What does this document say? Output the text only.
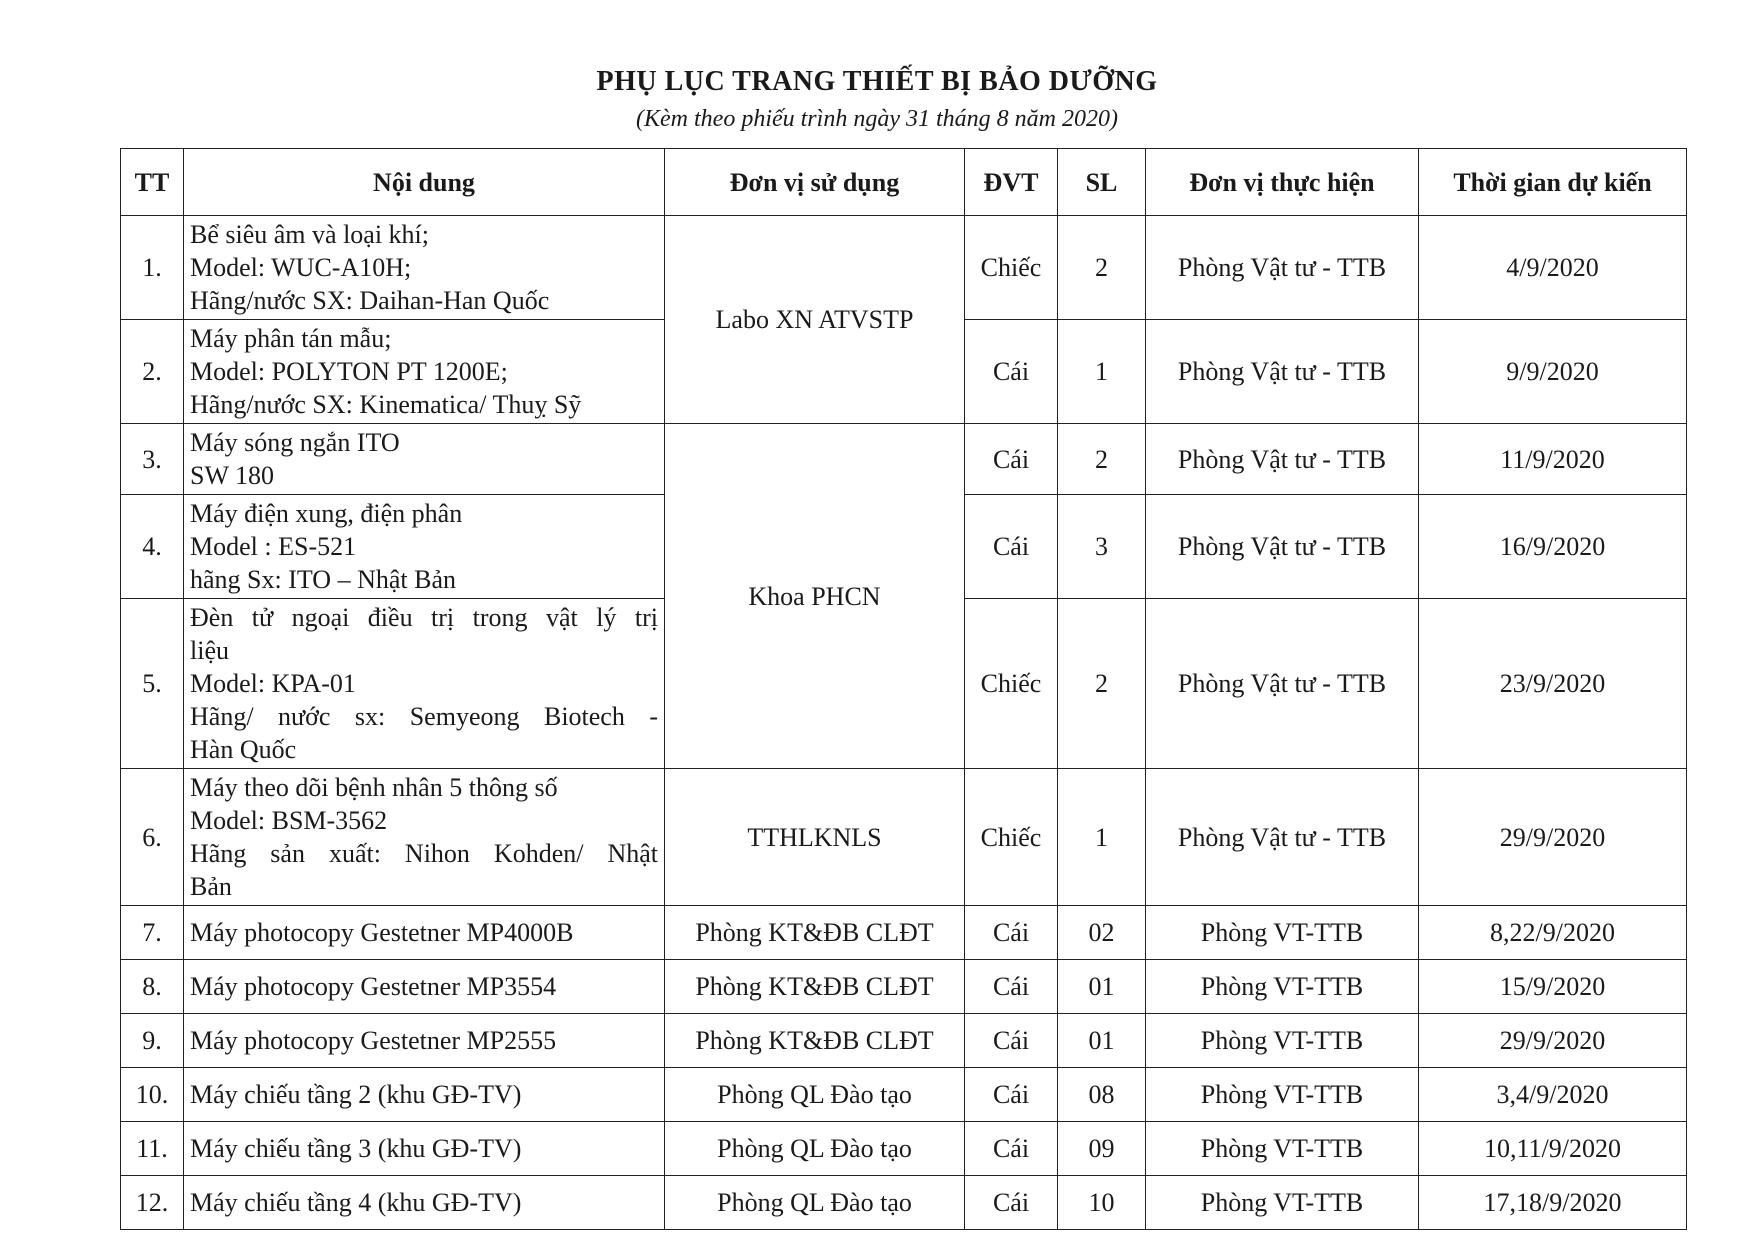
PHỤ LỤC TRANG THIẾT BỊ BẢO DƯỠNG
(Kèm theo phiếu trình ngày 31 tháng 8 năm 2020)
TT	Nội dung	Đơn vị sử dụng	ĐVT	SL	Đơn vị thực hiện	Thời gian dự kiến
1.	Bể siêu âm và loại khí;
Model: WUC-A10H;
Hãng/nước SX: Daihan-Han Quốc	Labo XN ATVSTP	Chiếc	2	Phòng Vật tư - TTB	4/9/2020
2.	Máy phân tán mẫu;
Model: POLYTON PT 1200E;
Hãng/nước SX: Kinematica/ Thuỵ Sỹ		Cái	1	Phòng Vật tư - TTB	9/9/2020
3.	Máy sóng ngắn ITO
SW 180	Khoa PHCN	Cái	2	Phòng Vật tư - TTB	11/9/2020
4.	Máy điện xung, điện phân
Model : ES-521
hãng Sx: ITO – Nhật Bản		Cái	3	Phòng Vật tư - TTB	16/9/2020
5.	Đèn tử ngoại điều trị trong vật lý trị
liệu
Model: KPA-01
Hãng/ nước sx: Semyeong Biotech -
Hàn Quốc		Chiếc	2	Phòng Vật tư - TTB	23/9/2020
6.	Máy theo dõi bệnh nhân 5 thông số
Model: BSM-3562
Hãng sản xuất: Nihon Kohden/ Nhật
Bản	TTHLKNLS	Chiếc	1	Phòng Vật tư - TTB	29/9/2020
7.	Máy photocopy Gestetner MP4000B	Phòng KT&ĐB CLĐT	Cái	02	Phòng VT-TTB	8,22/9/2020
8.	Máy photocopy Gestetner MP3554	Phòng KT&ĐB CLĐT	Cái	01	Phòng VT-TTB	15/9/2020
9.	Máy photocopy Gestetner MP2555	Phòng KT&ĐB CLĐT	Cái	01	Phòng VT-TTB	29/9/2020
10.	Máy chiếu tầng 2 (khu GĐ-TV)	Phòng QL Đào tạo	Cái	08	Phòng VT-TTB	3,4/9/2020
11.	Máy chiếu tầng 3 (khu GĐ-TV)	Phòng QL Đào tạo	Cái	09	Phòng VT-TTB	10,11/9/2020
12.	Máy chiếu tầng 4 (khu GĐ-TV)	Phòng QL Đào tạo	Cái	10	Phòng VT-TTB	17,18/9/2020
